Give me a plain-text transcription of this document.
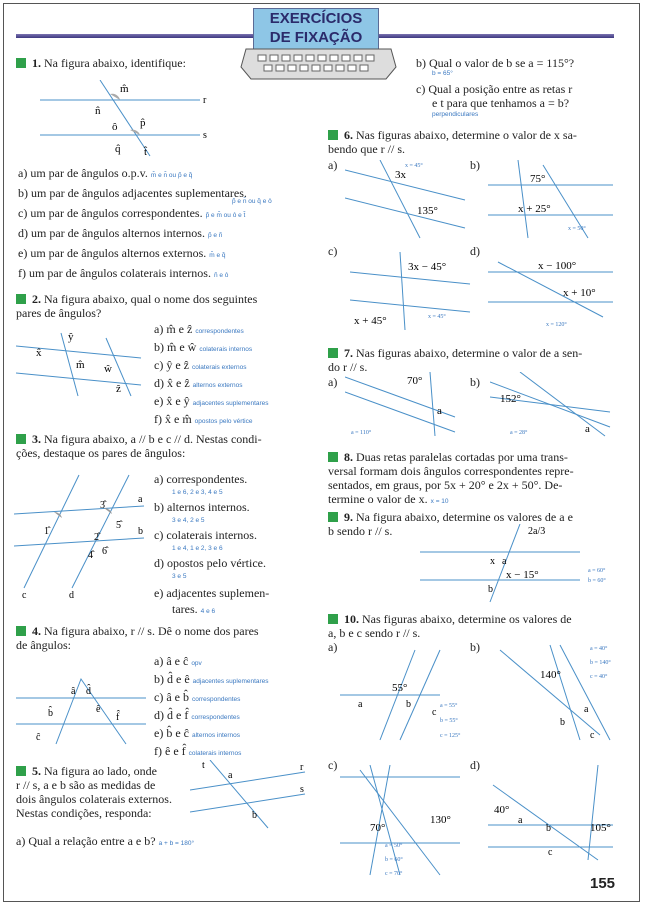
EXERCÍCIOS
DE FIXAÇÃO
1. Na figura abaixo, identifique:
m̂
n̂
ô p̂
q̂ t̂
r
s
a) um par de ângulos o.p.v. m̂ e n̂ ou p̂ e q̂
b) um par de ângulos adjacentes suplementares.
p̂ e n̂ ou q̂ e ô
c) um par de ângulos correspondentes. p̂ e m̂ ou ô e t̂
d) um par de ângulos alternos internos. p̂ e ñ
e) um par de ângulos alternos externos. m̂ e q̂
f) um par de ângulos colaterais internos. ñ e ô
2. Na figura abaixo, qual o nome dos seguintes
pares de ângulos?
x̂
ŷ
m̂ ŵ
ẑ
a) m̂ e ẑ correspondentes
b) m̂ e ŵ colaterais internos
c) ŷ e ẑ colaterais externos
d) x̂ e ẑ alternos externos
e) x̂ e ŷ adjacentes suplementares
f) x̂ e m̂ opostos pelo vértice
3. Na figura abaixo, a // b e c // d. Nestas condi-
ções, destaque os pares de ângulos:
1̂
2̂
3̂
4̂
5̂
6̂
a
b
c	d
a) correspondentes.
1 e 6, 2 e 3, 4 e 5
b) alternos internos.
3 e 4, 2 e 5
c) colaterais internos.
1 e 4, 1 e 2, 3 e 6
d) opostos pelo vértice.
3 e 5
e) adjacentes suplemen-
tares. 4 e 6
4. Na figura abaixo, r // s. Dê o nome dos pares
de ângulos:
â
b̂
ĉ
d̂
ê
f̂
a) â e ĉ opv
b) d̂ e ê adjacentes suplementares
c) â e b̂ correspondentes
d) d̂ e f̂ correspondentes
e) b̂ e ĉ alternos internos
f) ê e f̂ colaterais internos
5. Na figura ao lado, onde
r // s, a e b são as medidas de
dois ângulos colaterais externos.
Nestas condições, responda:
a
b
t	r
s
a) Qual a relação entre a e b? a + b = 180°
b) Qual o valor de b se a = 115°?
b = 65°
c) Qual a posição entre as retas r
e t para que tenhamos a = b?
perpendiculares
6. Nas figuras abaixo, determine o valor de x sa-
bendo que r // s.
a)	b)
3x
135°
x = 45°
75°
x + 25°
x = 50°
c)	d)
3x − 45°
x + 45°	x = 45°
x − 100°
x + 10°
x = 120°
7. Nas figuras abaixo, determine o valor de a sen-
do r // s.
a)	b)
70°
a
a = 110°
152°
a
a = 28°
8. Duas retas paralelas cortadas por uma trans-
versal formam dois ângulos correspondentes repre-
sentados, em graus, por 5x + 20° e 2x + 50°. De-
termine o valor de x. x = 10
9. Na figura abaixo, determine os valores de a e
b sendo r // s.	2a/3
a
x
b
x − 15°	a = 60°
b = 60°
10. Nas figuras abaixo, determine os valores de
a, b e c sendo r // s.
a)	b)
55°
a	b
c
a = 55°
b = 55°
c = 125°
140°
a
b
c
a = 40°
b = 140°
c = 40°
c)	d)
70°
130°
a = 50°
b = 60°
c = 70°
40°
105°
a
b
c
155
